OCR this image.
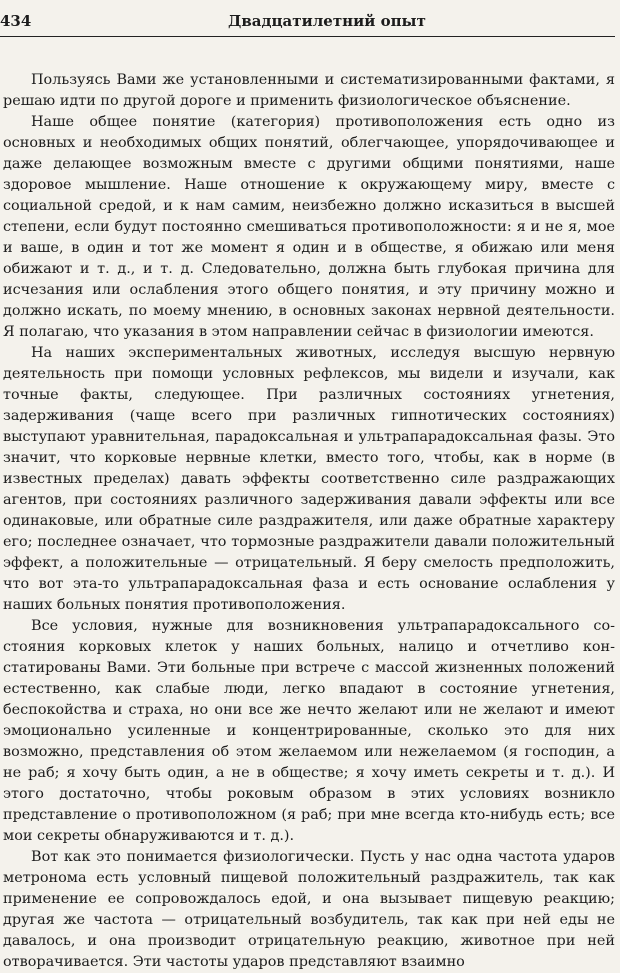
434	Двадцатилетний опыт

Пользуясь Вами же установленными и систематизированными фактами, я решаю идти по другой дороге и применить физиологическое объяснение.

Наше общее понятие (категория) противоположения есть одно из основных и необходимых общих понятий, облегчающее, упорядочивающее и даже делающее возможным вместе с другими общими понятиями, наше здоровое мышление. Наше отношение к окружающему миру, вместе с социальной средой, и к нам самим, неизбежно должно исказиться в высшей степени, если будут постоянно смешиваться противоположности: я и не я, мое и ваше, в один и тот же момент я один и в обществе, я обижаю или меня обижают и т. д., и т. д. Следовательно, должна быть глубокая причина для исчезания или ослабления этого общего понятия, и эту причину можно и должно искать, по моему мнению, в основных законах нервной деятельности. Я полагаю, что указания в этом направлении сейчас в физиологии имеются.

На наших экспериментальных животных, исследуя высшую нервную деятельность при помощи условных рефлексов, мы видели и изучали, как точные факты, следующее. При различных состояниях угнетения, задерживания (чаще всего при различных гипнотических состояниях) выступают уравнительная, парадоксальная и ультрапарадоксальная фазы. Это значит, что корковые нервные клетки, вместо того, чтобы, как в норме (в известных пределах) давать эффекты соответственно силе раздражающих агентов, при состояниях различного задерживания давали эффекты или все одинаковые, или обратные силе раздражителя, или даже обратные характеру его; последнее означает, что тормозные раздражители давали положительный эффект, а положительные — отрицательный. Я беру смелость предположить, что вот эта-то ультрапарадоксальная фаза и есть основание ослабления у наших больных понятия противоположения.

Все условия, нужные для возникновения ультрапарадоксального состояния корковых клеток у наших больных, налицо и отчетливо констатированы Вами. Эти больные при встрече с массой жизненных положений естественно, как слабые люди, легко впадают в состояние угнетения, беспокойства и страха, но они все же нечто желают или не желают и имеют эмоционально усиленные и концентрированные, сколько это для них возможно, представления об этом желаемом или нежелаемом (я господин, а не раб; я хочу быть один, а не в обществе; я хочу иметь секреты и т. д.). И этого достаточно, чтобы роковым образом в этих условиях возникло представление о противоположном (я раб; при мне всегда кто-нибудь есть; все мои секреты обнаруживаются и т. д.).

Вот как это понимается физиологически. Пусть у нас одна частота ударов метронома есть условный пищевой положительный раздражитель, так как применение ее сопровождалось едой, и она вызывает пищевую реакцию; другая же частота — отрицательный возбудитель, так как при ней еды не давалось, и она производит отрицательную реакцию, животное при ней отворачивается. Эти частоты ударов представляют взаимно
